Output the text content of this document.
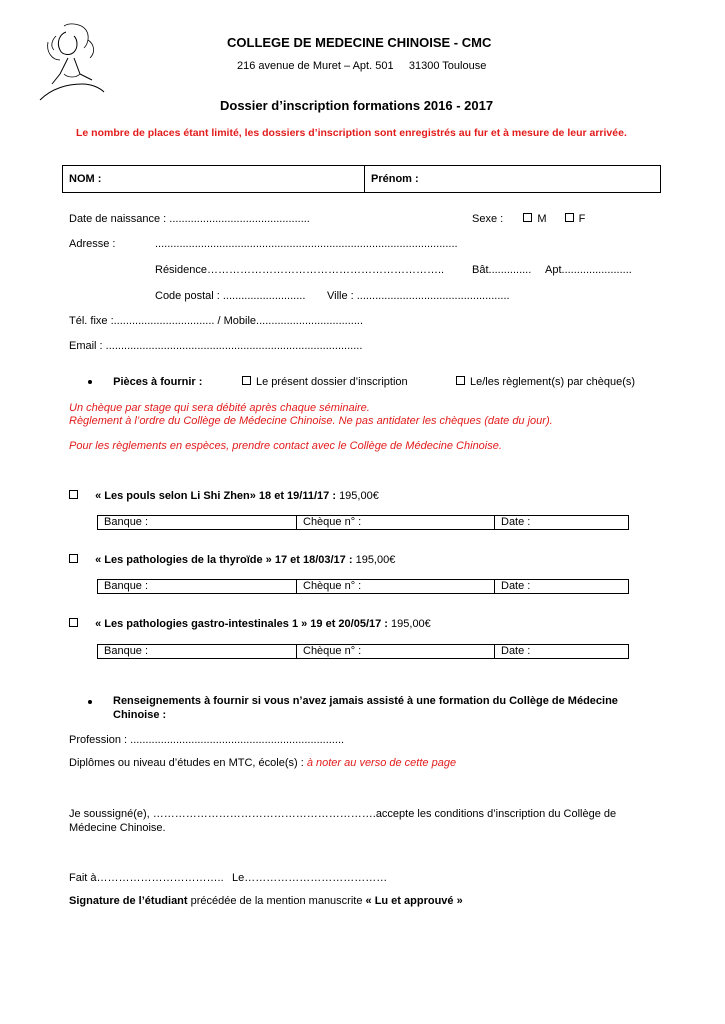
COLLEGE DE MEDECINE CHINOISE - CMC
216 avenue de Muret – Apt. 501     31300 Toulouse
Dossier d’inscription formations 2016 - 2017
Le nombre de places étant limité, les dossiers d’inscription sont enregistrés au fur et à mesure de leur arrivée.
NOM :	Prénom :
Date de naissance : ..............................................	Sexe :	M	F
Adresse :	...................................................................................................
Résidence………………………………………………………..	Bât.............. Apt.......................
Code postal : ........................... Ville : ..................................................
Tél. fixe :................................. / Mobile...................................
Email : ....................................................................................
Pièces à fournir :	Le présent dossier d’inscription	Le/les règlement(s) par chèque(s)
Un chèque par stage qui sera débité après chaque séminaire.
Règlement à l’ordre du Collège de Médecine Chinoise. Ne pas antidater les chèques (date du jour).
Pour les règlements en espèces, prendre contact avec le Collège de Médecine Chinoise.
« Les pouls selon Li Shi Zhen» 18 et 19/11/17 : 195,00€
Banque :	Chèque n° :	Date :
« Les pathologies de la thyroïde » 17 et 18/03/17 : 195,00€
Banque :	Chèque n° :	Date :
« Les pathologies gastro-intestinales 1 » 19 et 20/05/17 : 195,00€
Banque :	Chèque n° :	Date :
Renseignements à fournir si vous n’avez jamais assisté à une formation du Collège de Médecine
Chinoise :
Profession : ......................................................................
Diplômes ou niveau d’études en MTC, école(s) : à noter au verso de cette page
Je soussigné(e), …………………………………………………….accepte les conditions d’inscription du Collège de
Médecine Chinoise.
Fait à…………………………….. Le…………………………………
Signature de l’étudiant précédée de la mention manuscrite « Lu et approuvé »
